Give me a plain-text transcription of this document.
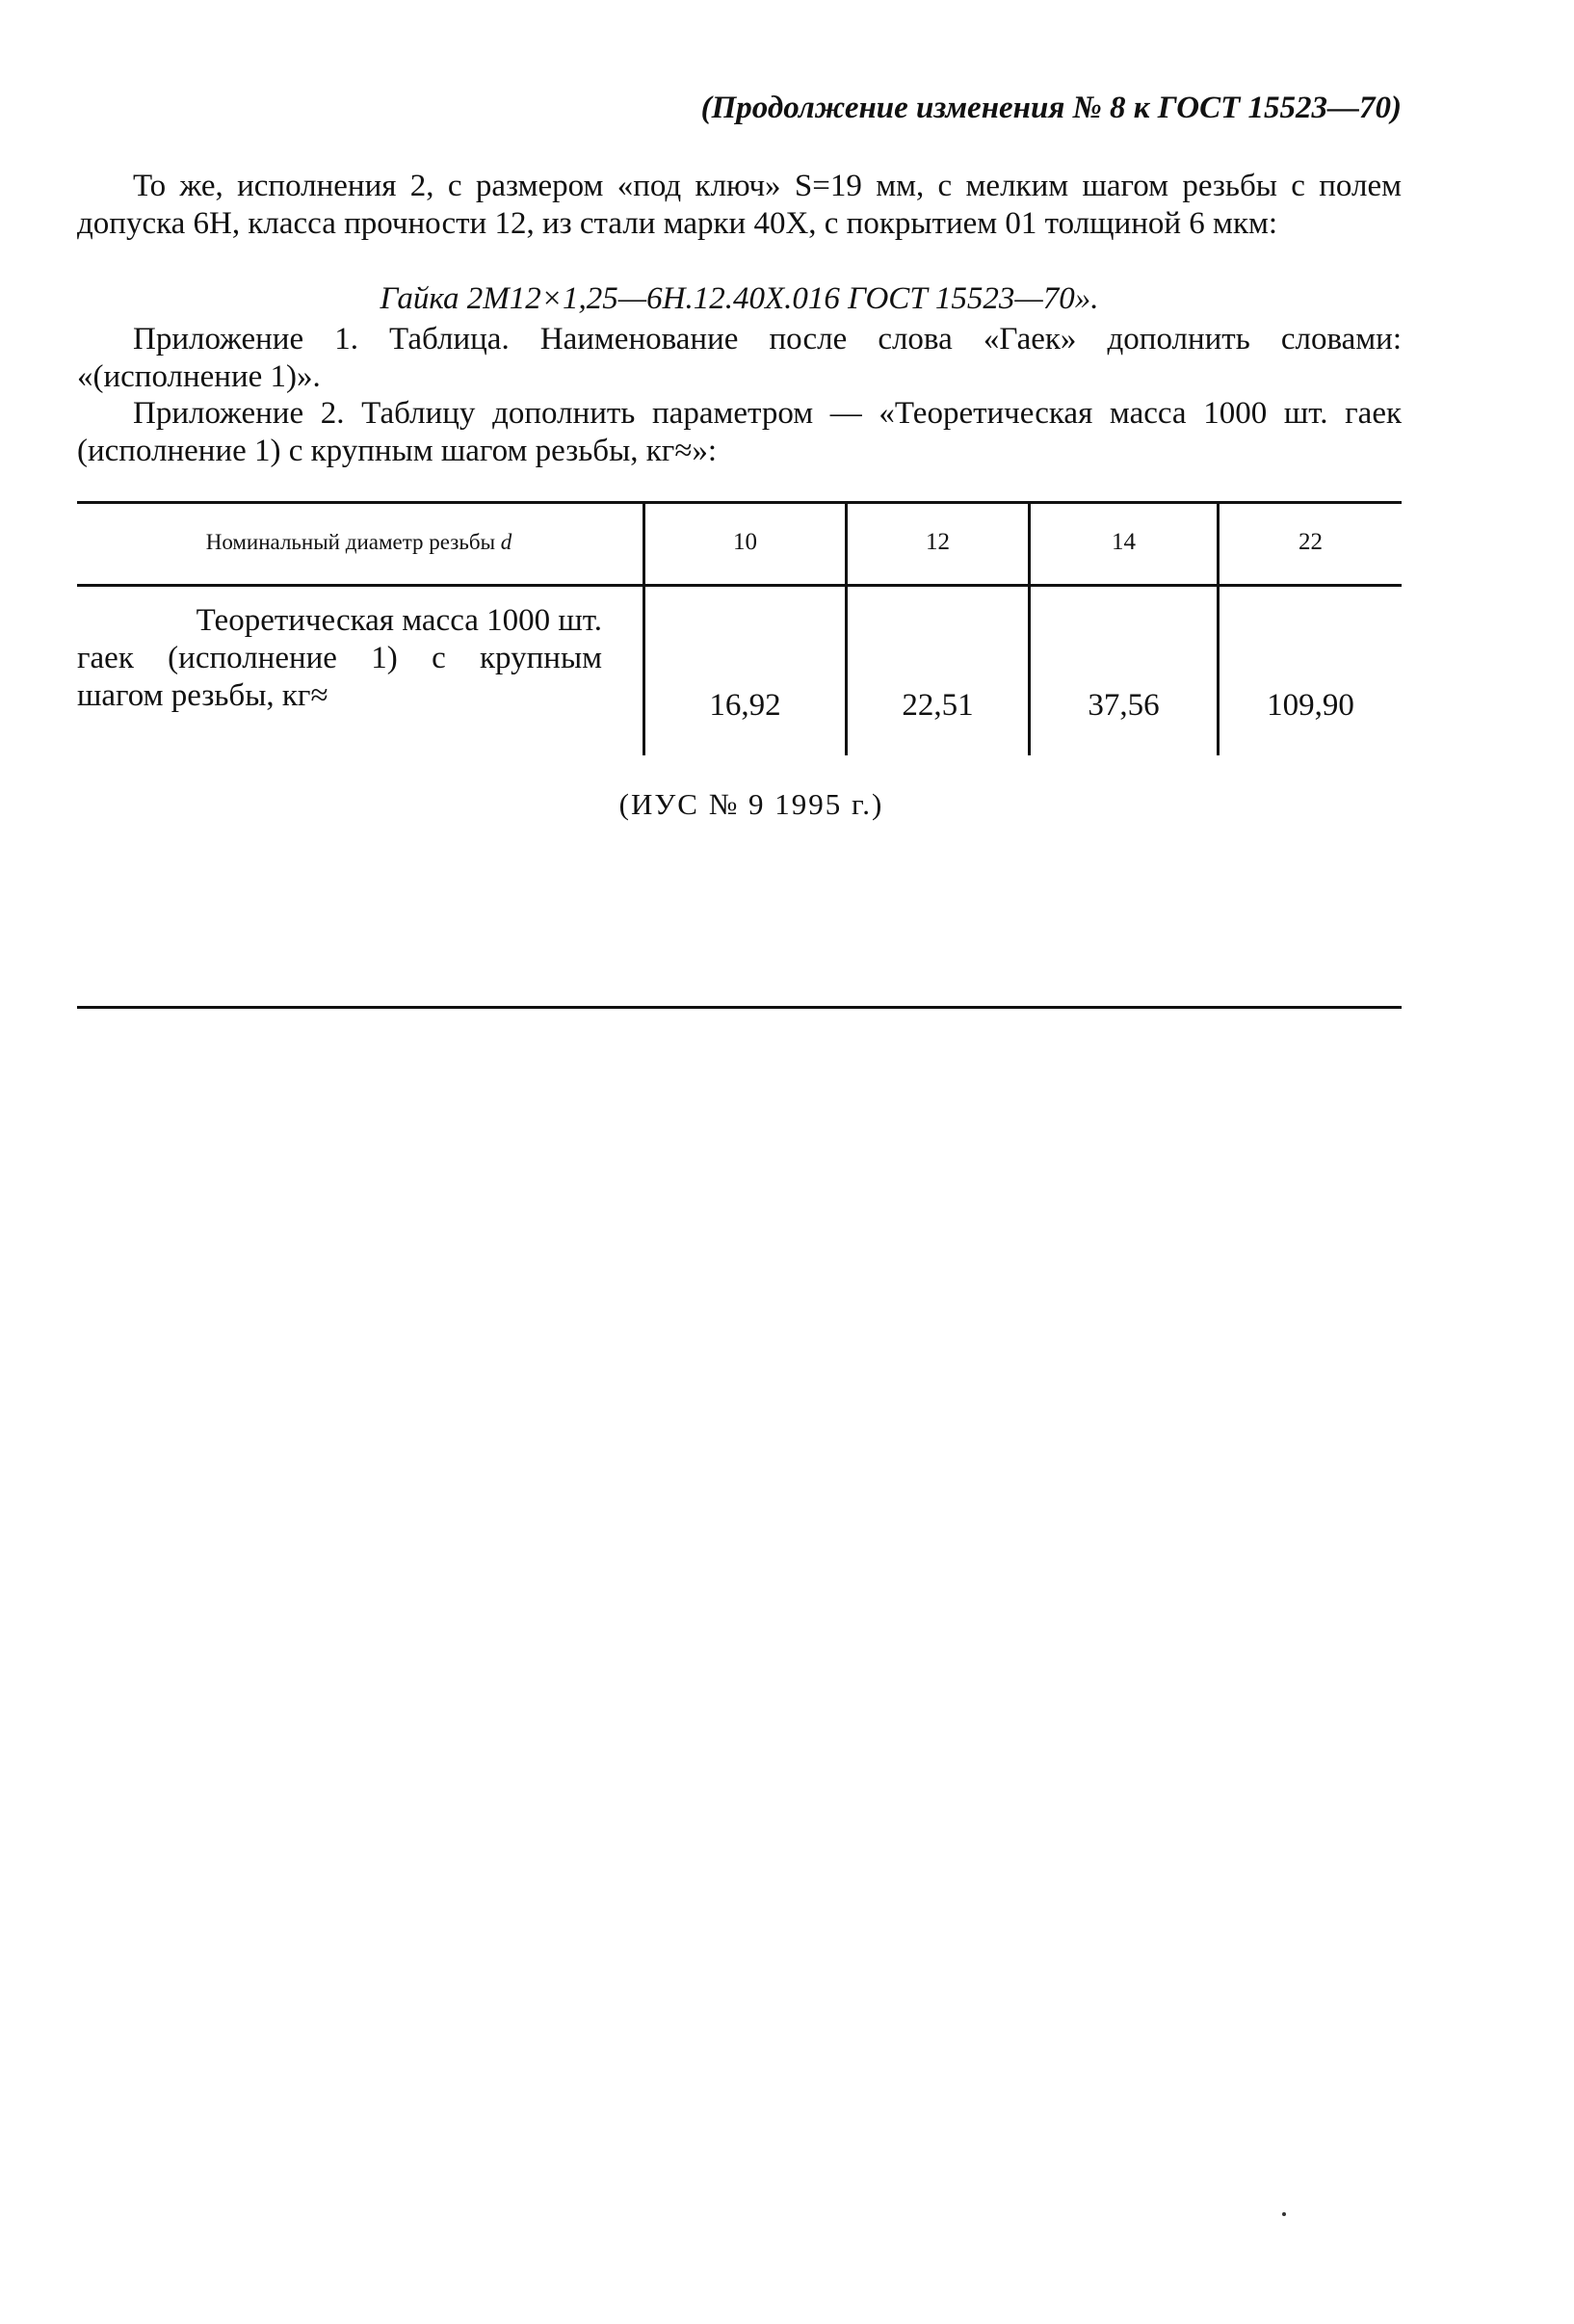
(Продолжение изменения № 8 к ГОСТ 15523—70)
То же, исполнения 2, с размером «под ключ» S=19 мм, с мелким шагом резьбы с полем допуска 6H, класса прочности 12, из стали марки 40Х, с покрытием 01 толщиной 6 мкм:
Гайка 2M12×1,25—6H.12.40Х.016 ГОСТ 15523—70».
Приложение 1. Таблица. Наименование после слова «Гаек» дополнить словами: «(исполнение 1)».
Приложение 2. Таблицу дополнить параметром — «Теоретическая масса 1000 шт. гаек (исполнение 1) с крупным шагом резьбы, кг≈»:
Номинальный диаметр резьбы d	10	12	14	22
Теоретическая масса 1000 шт.
гаек (исполнение 1) с крупным
шагом резьбы, кг≈	16,92	22,51	37,56	109,90
(ИУС № 9 1995 г.)
